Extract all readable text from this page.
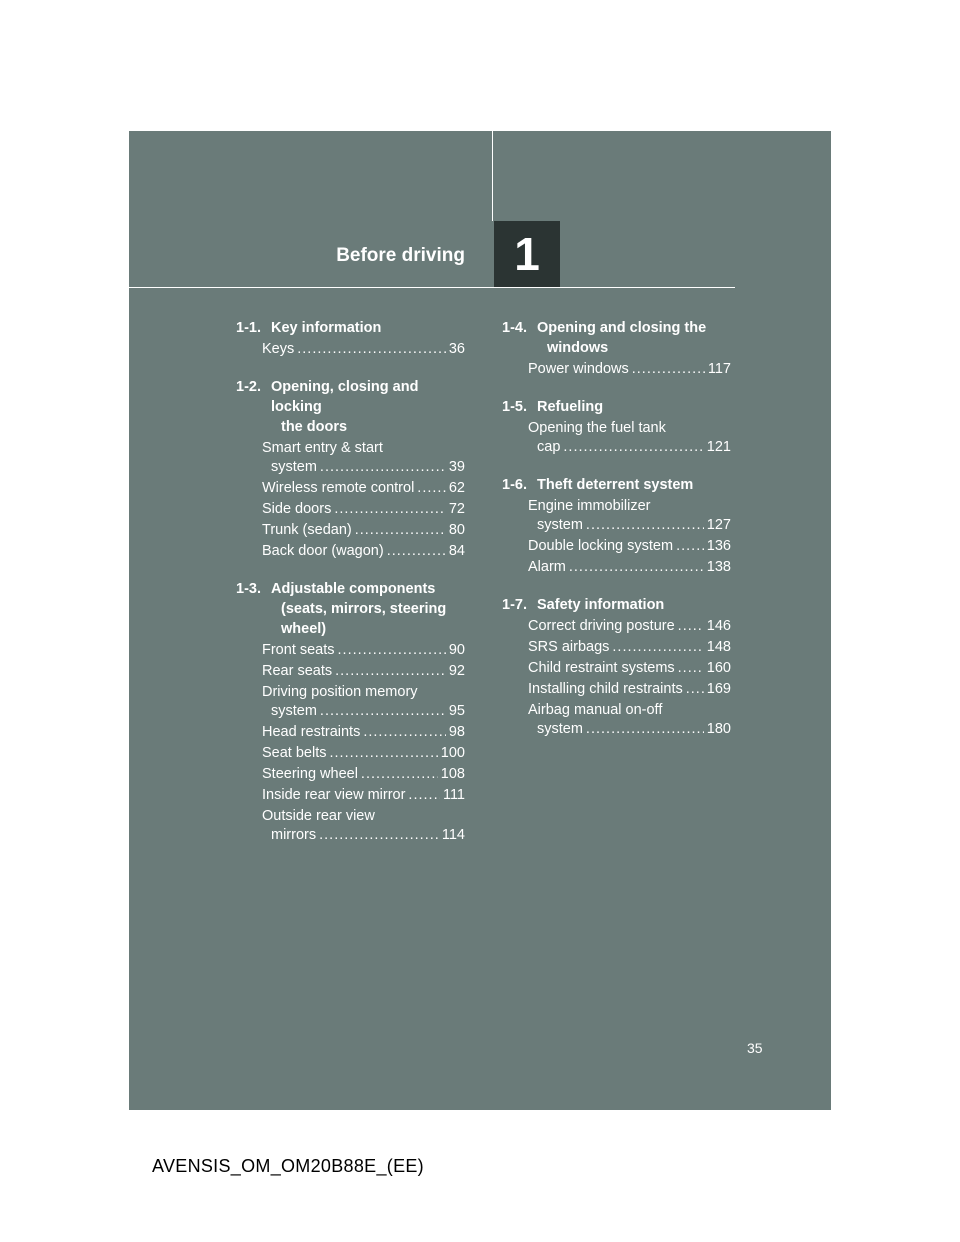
Before driving 1
1-1. Key information
Keys .....	36
1-2. Opening, closing and locking
the doors
Smart entry & start
system .....	39
Wireless remote control ..... 62
Side doors .....	72
Trunk (sedan) .....	80
Back door (wagon) .....	84
1-3. Adjustable components
(seats, mirrors, steering
wheel)
Front seats .....	90
Rear seats .....	92
Driving position memory
system .....	95
Head restraints .....	98
Seat belts .....	100
Steering wheel .....	108
Inside rear view mirror .....	111
Outside rear view
mirrors .....	114
1-4. Opening and closing the
windows
Power windows .....	117
1-5. Refueling
Opening the fuel tank
cap .....	121
1-6. Theft deterrent system
Engine immobilizer
system .....	127
Double locking system ..... 136
Alarm .....	138
1-7. Safety information
Correct driving posture ..... 146
SRS airbags .....	148
Child restraint systems ..... 160
Installing child restraints ..... 169
Airbag manual on-off
system .....	180
35
AVENSIS_OM_OM20B88E_(EE)
